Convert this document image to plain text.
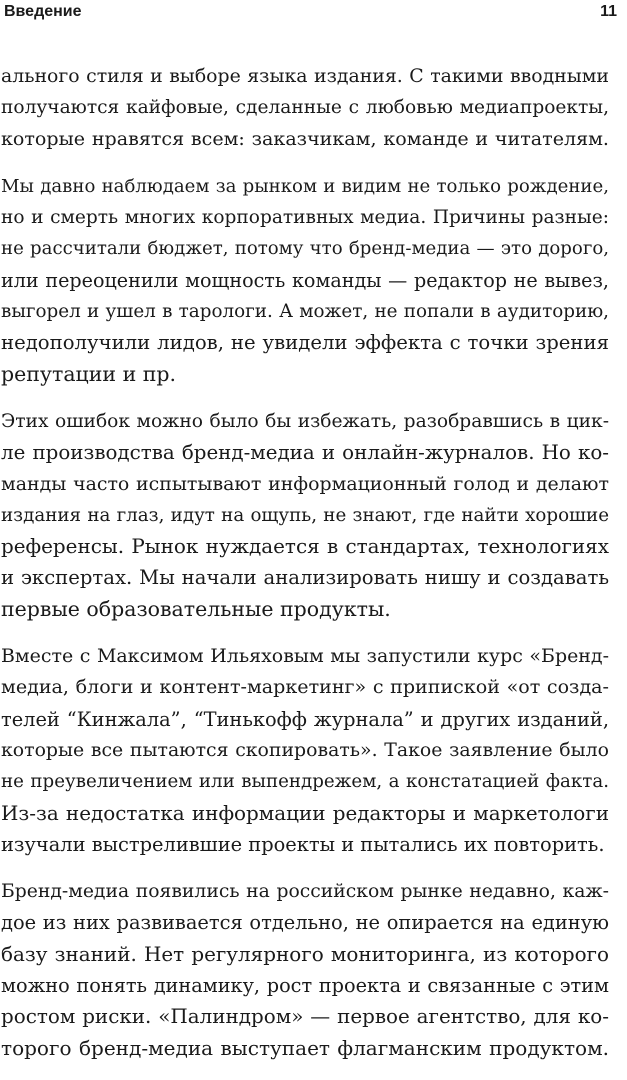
Введение	11
ального стиля и выборе языка издания. С такими вводными
получаются кайфовые, сделанные с любовью медиапроекты,
которые нравятся всем: заказчикам, команде и читателям.
Мы давно наблюдаем за рынком и видим не только рождение,
но и смерть многих корпоративных медиа. Причины разные:
не рассчитали бюджет, потому что бренд-медиа — это дорого,
или переоценили мощность команды — редактор не вывез,
выгорел и ушел в тарологи. А может, не попали в аудиторию,
недополучили лидов, не увидели эффекта с точки зрения
репутации и пр.
Этих ошибок можно было бы избежать, разобравшись в цик-
ле производства бренд-медиа и онлайн-журналов. Но ко-
манды часто испытывают информационный голод и делают
издания на глаз, идут на ощупь, не знают, где найти хорошие
референсы. Рынок нуждается в стандартах, технологиях
и экспертах. Мы начали анализировать нишу и создавать
первые образовательные продукты.
Вместе с Максимом Ильяховым мы запустили курс «Бренд-
медиа, блоги и контент-маркетинг» с припиской «от созда-
телей “Кинжала”, “Тинькофф журнала” и других изданий,
которые все пытаются скопировать». Такое заявление было
не преувеличением или выпендрежем, а констатацией факта.
Из-за недостатка информации редакторы и маркетологи
изучали выстрелившие проекты и пытались их повторить.
Бренд-медиа появились на российском рынке недавно, каж-
дое из них развивается отдельно, не опирается на единую
базу знаний. Нет регулярного мониторинга, из которого
можно понять динамику, рост проекта и связанные с этим
ростом риски. «Палиндром» — первое агентство, для ко-
торого бренд-медиа выступает флагманским продуктом.
